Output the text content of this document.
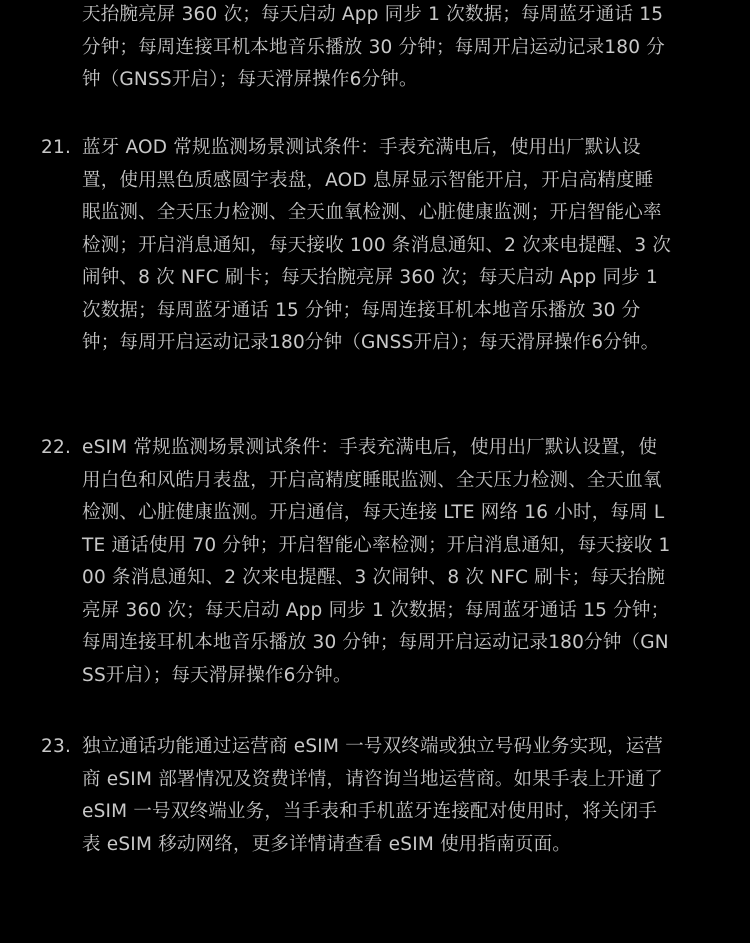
天抬腕亮屏 360 次；每天启动 App 同步 1 次数据；每周蓝牙通话 15 分钟；每周连接耳机本地音乐播放 30 分钟；每周开启运动记录180 分钟（GNSS开启）；每天滑屏操作6分钟。

21. 蓝牙 AOD 常规监测场景测试条件：手表充满电后，使用出厂默认设置，使用黑色质感圆宇表盘，AOD 息屏显示智能开启，开启高精度睡眠监测、全天压力检测、全天血氧检测、心脏健康监测；开启智能心率检测；开启消息通知，每天接收 100 条消息通知、2 次来电提醒、3 次闹钟、8 次 NFC 刷卡；每天抬腕亮屏 360 次；每天启动 App 同步 1 次数据；每周蓝牙通话 15 分钟；每周连接耳机本地音乐播放 30 分钟；每周开启运动记录180分钟（GNSS开启）；每天滑屏操作6分钟。

22. eSIM 常规监测场景测试条件：手表充满电后，使用出厂默认设置，使用白色和风皓月表盘，开启高精度睡眠监测、全天压力检测、全天血氧检测、心脏健康监测。开启通信，每天连接 LTE 网络 16 小时，每周 LTE 通话使用 70 分钟；开启智能心率检测；开启消息通知，每天接收 100 条消息通知、2 次来电提醒、3 次闹钟、8 次 NFC 刷卡；每天抬腕亮屏 360 次；每天启动 App 同步 1 次数据；每周蓝牙通话 15 分钟；每周连接耳机本地音乐播放 30 分钟；每周开启运动记录180分钟（GNSS开启）；每天滑屏操作6分钟。

23. 独立通话功能通过运营商 eSIM 一号双终端或独立号码业务实现，运营商 eSIM 部署情况及资费详情，请咨询当地运营商。如果手表上开通了 eSIM 一号双终端业务，当手表和手机蓝牙连接配对使用时，将关闭手表 eSIM 移动网络，更多详情请查看 eSIM 使用指南页面。
